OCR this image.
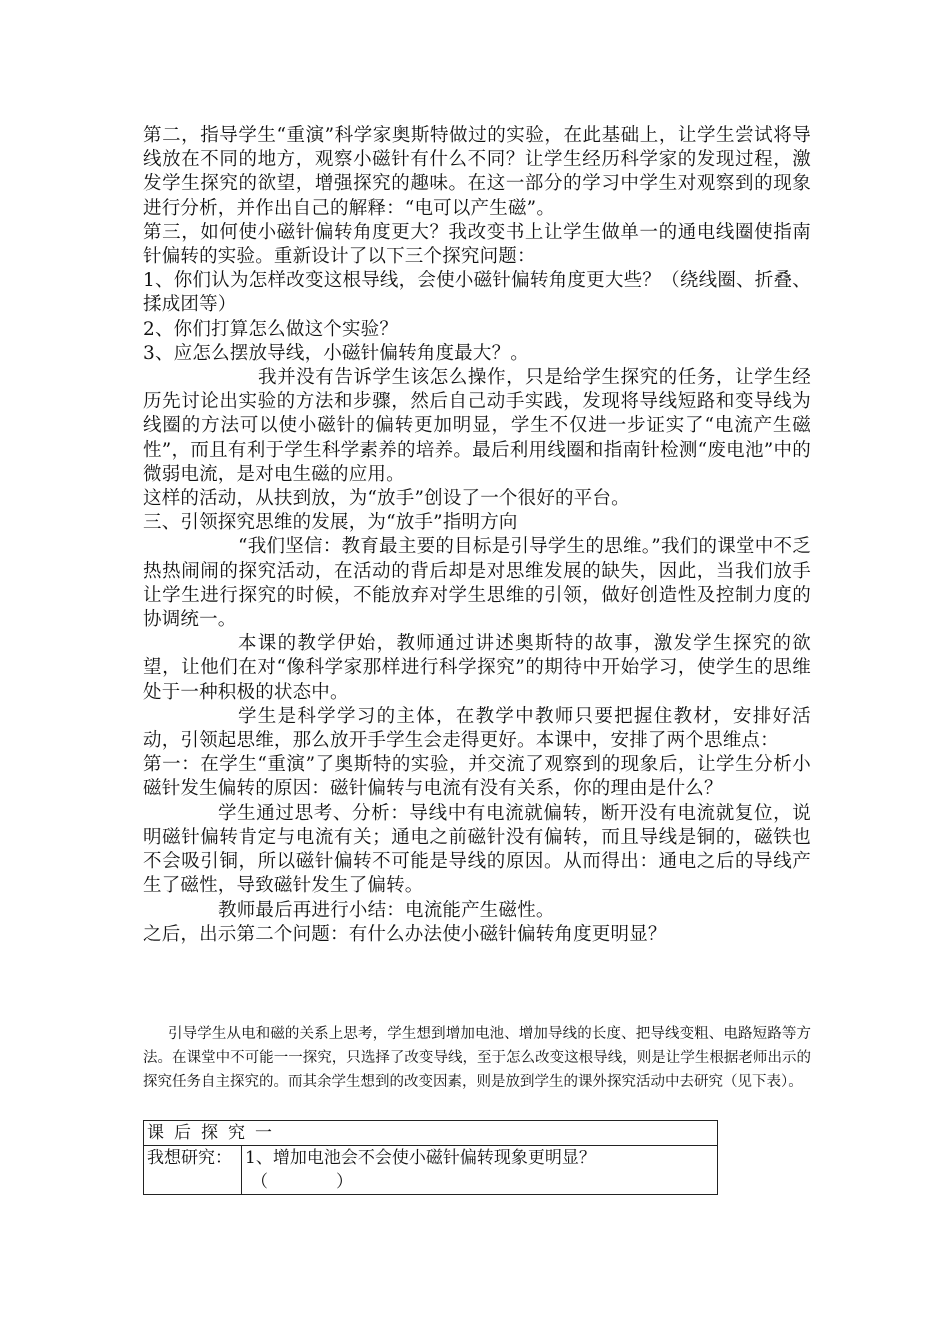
第二，指导学生“重演”科学家奥斯特做过的实验，在此基础上，让学生尝试将导线放在不同的地方，观察小磁针有什么不同？让学生经历科学家的发现过程，激发学生探究的欲望，增强探究的趣味。在这一部分的学习中学生对观察到的现象进行分析，并作出自己的解释：“电可以产生磁”。

第三，如何使小磁针偏转角度更大？我改变书上让学生做单一的通电线圈使指南针偏转的实验。重新设计了以下三个探究问题：

1、你们认为怎样改变这根导线，会使小磁针偏转角度更大些？（绕线圈、折叠、揉成团等）

2、你们打算怎么做这个实验？

3、应怎么摆放导线，小磁针偏转角度最大？。

我并没有告诉学生该怎么操作，只是给学生探究的任务，让学生经历先讨论出实验的方法和步骤，然后自己动手实践，发现将导线短路和变导线为线圈的方法可以使小磁针的偏转更加明显，学生不仅进一步证实了“电流产生磁性”，而且有利于学生科学素养的培养。最后利用线圈和指南针检测“废电池”中的微弱电流，是对电生磁的应用。

这样的活动，从扶到放，为“放手”创设了一个很好的平台。

三、引领探究思维的发展，为“放手”指明方向

“我们坚信：教育最主要的目标是引导学生的思维。”我们的课堂中不乏热热闹闹的探究活动，在活动的背后却是对思维发展的缺失，因此，当我们放手让学生进行探究的时候，不能放弃对学生思维的引领，做好创造性及控制力度的协调统一。

本课的教学伊始，教师通过讲述奥斯特的故事，激发学生探究的欲望，让他们在对“像科学家那样进行科学探究”的期待中开始学习，使学生的思维处于一种积极的状态中。

学生是科学学习的主体，在教学中教师只要把握住教材，安排好活动，引领起思维，那么放开手学生会走得更好。本课中，安排了两个思维点：

第一：在学生“重演”了奥斯特的实验，并交流了观察到的现象后，让学生分析小磁针发生偏转的原因：磁针偏转与电流有没有关系，你的理由是什么？

学生通过思考、分析：导线中有电流就偏转，断开没有电流就复位，说明磁针偏转肯定与电流有关；通电之前磁针没有偏转，而且导线是铜的，磁铁也不会吸引铜，所以磁针偏转不可能是导线的原因。从而得出：通电之后的导线产生了磁性，导致磁针发生了偏转。

教师最后再进行小结：电流能产生磁性。

之后，出示第二个问题：有什么办法使小磁针偏转角度更明显？

引导学生从电和磁的关系上思考，学生想到增加电池、增加导线的长度、把导线变粗、电路短路等方法。在课堂中不可能一一探究，只选择了改变导线，至于怎么改变这根导线，则是让学生根据老师出示的探究任务自主探究的。而其余学生想到的改变因素，则是放到学生的课外探究活动中去研究（见下表）。

课后探究一
我想研究：	1、增加电池会不会使小磁针偏转现象更明显？
（　　　　）
